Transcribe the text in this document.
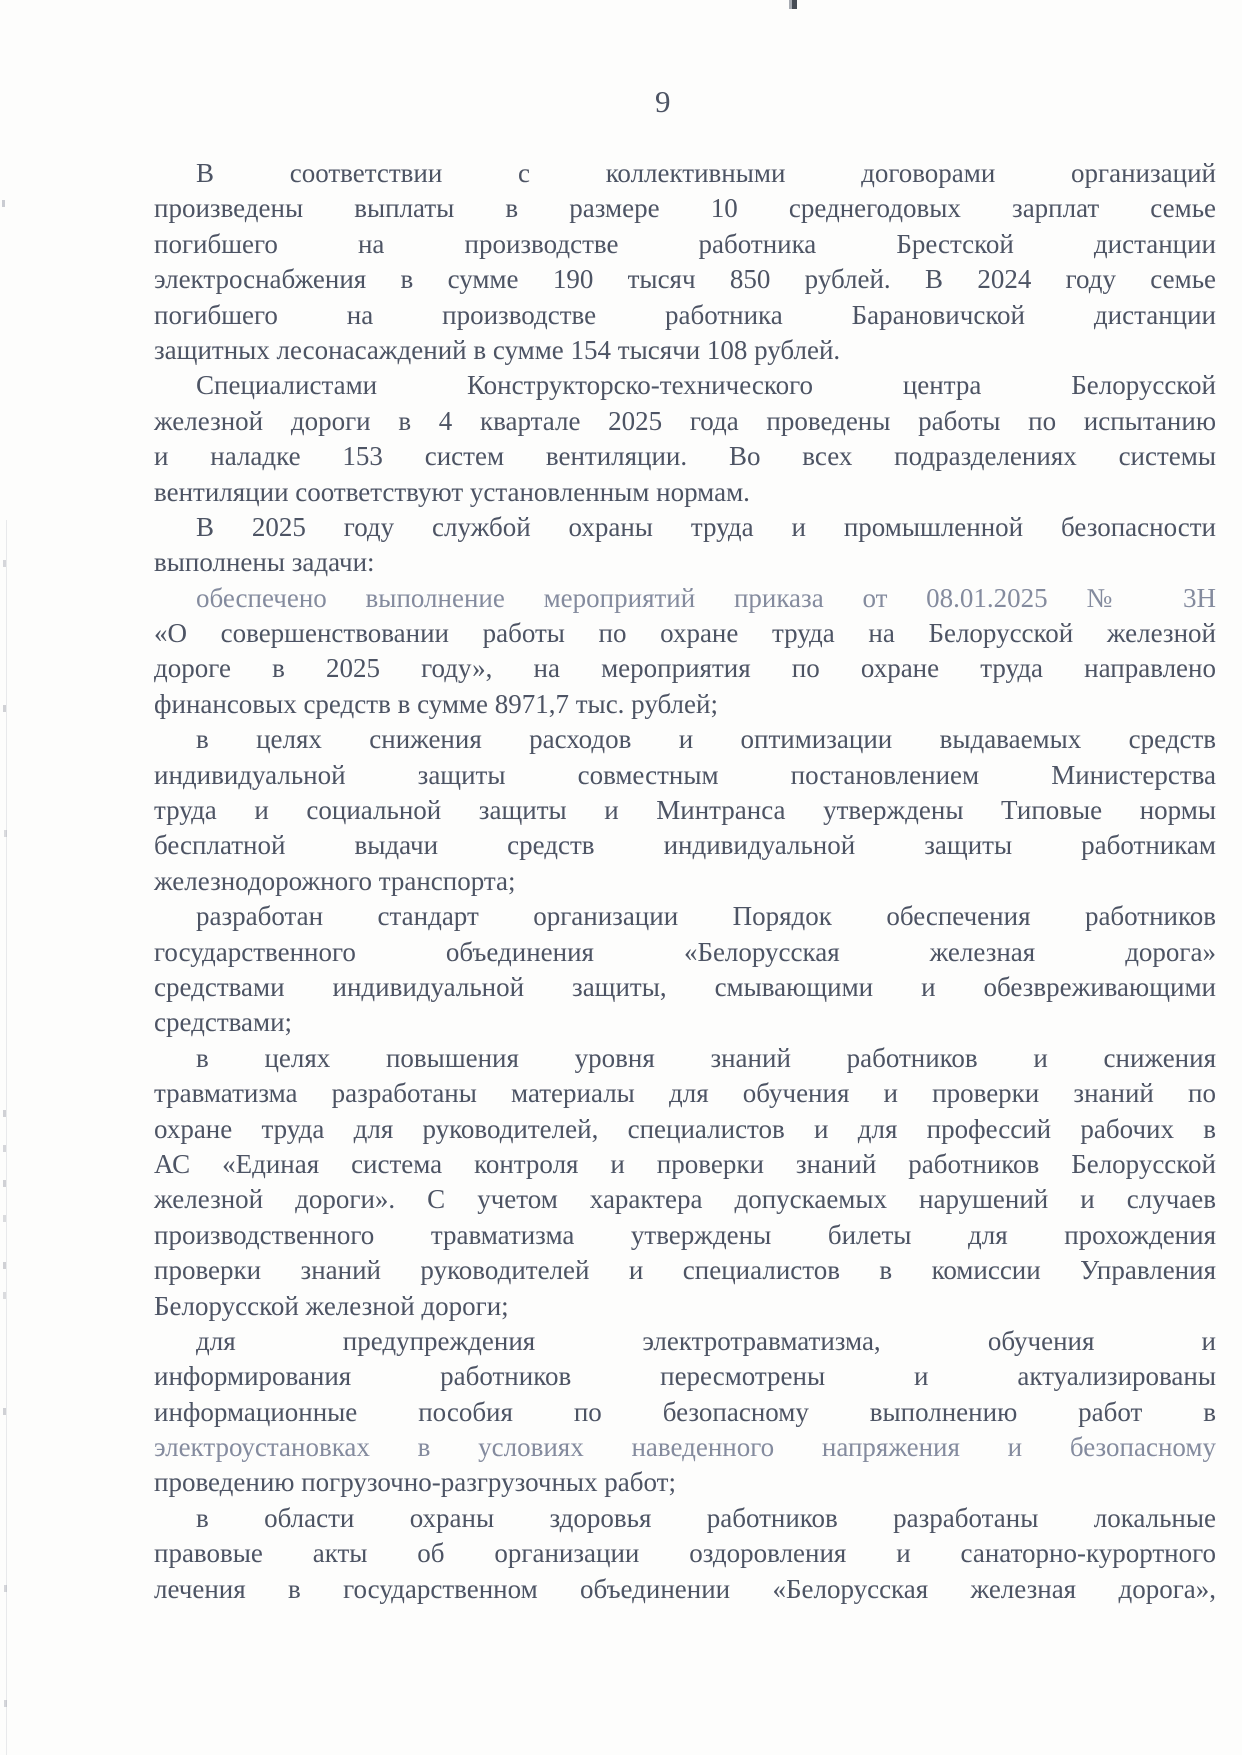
9
В соответствии с коллективными договорами организаций
произведены выплаты в размере 10 среднегодовых зарплат семье
погибшего на производстве работника Брестской дистанции
электроснабжения в сумме 190 тысяч 850 рублей. В 2024 году семье
погибшего на производстве работника Барановичской дистанции
защитных лесонасаждений в сумме 154 тысячи 108 рублей.
Специалистами Конструкторско-технического центра Белорусской
железной дороги в 4 квартале 2025 года проведены работы по испытанию
и наладке 153 систем вентиляции. Во всех подразделениях системы
вентиляции соответствуют установленным нормам.
В 2025 году службой охраны труда и промышленной безопасности
выполнены задачи:
обеспечено выполнение мероприятий приказа от 08.01.2025 № 3Н
«О совершенствовании работы по охране труда на Белорусской железной
дороге в 2025 году», на мероприятия по охране труда направлено
финансовых средств в сумме 8971,7 тыс. рублей;
в целях снижения расходов и оптимизации выдаваемых средств
индивидуальной защиты совместным постановлением Министерства
труда и социальной защиты и Минтранса утверждены Типовые нормы
бесплатной выдачи средств индивидуальной защиты работникам
железнодорожного транспорта;
разработан стандарт организации Порядок обеспечения работников
государственного объединения «Белорусская железная дорога»
средствами индивидуальной защиты, смывающими и обезвреживающими
средствами;
в целях повышения уровня знаний работников и снижения
травматизма разработаны материалы для обучения и проверки знаний по
охране труда для руководителей, специалистов и для профессий рабочих в
АС «Единая система контроля и проверки знаний работников Белорусской
железной дороги». С учетом характера допускаемых нарушений и случаев
производственного травматизма утверждены билеты для прохождения
проверки знаний руководителей и специалистов в комиссии Управления
Белорусской железной дороги;
для предупреждения электротравматизма, обучения и
информирования работников пересмотрены и актуализированы
информационные пособия по безопасному выполнению работ в
электроустановках в условиях наведенного напряжения и безопасному
проведению погрузочно-разгрузочных работ;
в области охраны здоровья работников разработаны локальные
правовые акты об организации оздоровления и санаторно-курортного
лечения в государственном объединении «Белорусская железная дорога»,
